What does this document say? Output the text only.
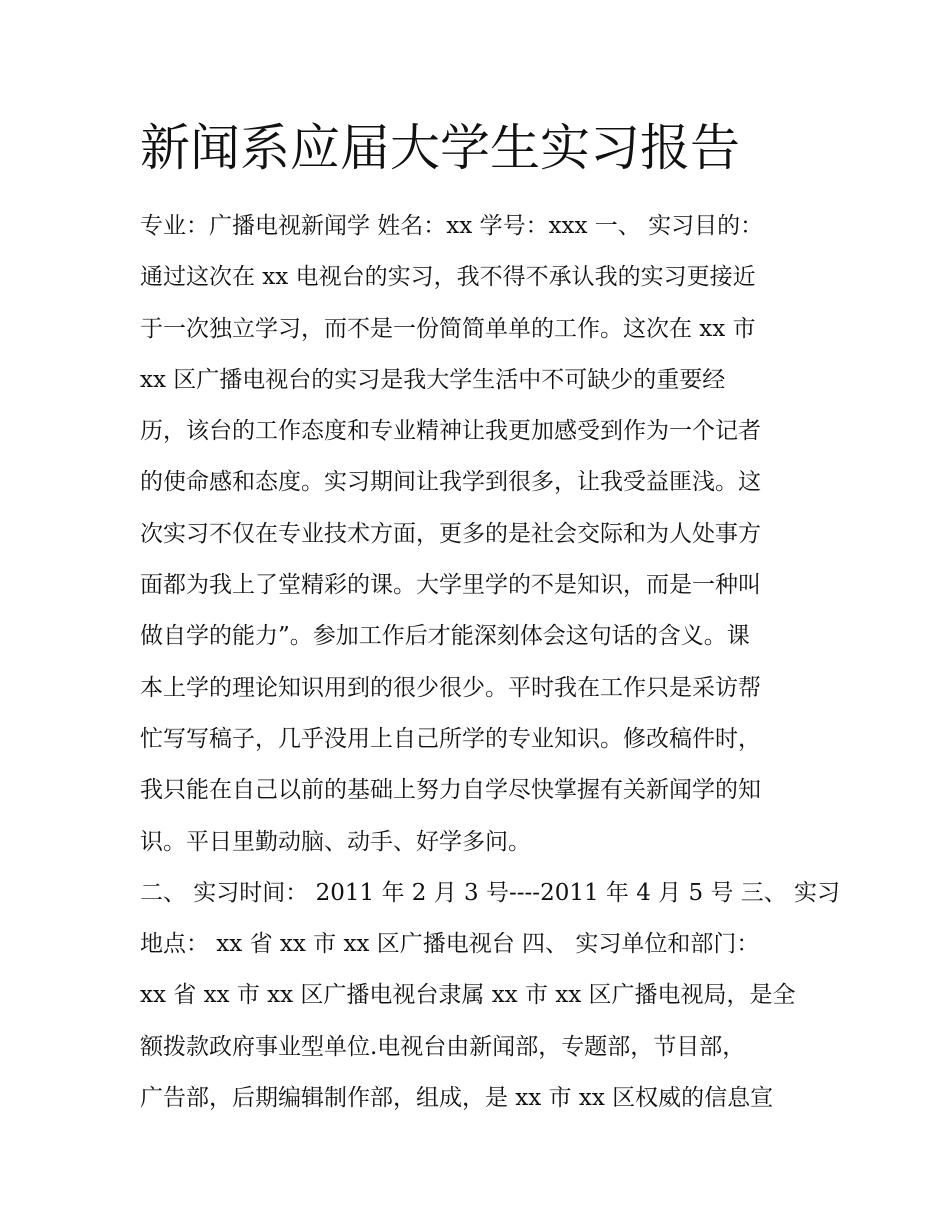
新闻系应届大学生实习报告
专业：广播电视新闻学 姓名：xx 学号：xxx 一、 实习目的：
通过这次在 xx 电视台的实习，我不得不承认我的实习更接近
于一次独立学习，而不是一份简简单单的工作。这次在 xx 市
xx 区广播电视台的实习是我大学生活中不可缺少的重要经
历，该台的工作态度和专业精神让我更加感受到作为一个记者
的使命感和态度。实习期间让我学到很多，让我受益匪浅。这
次实习不仅在专业技术方面，更多的是社会交际和为人处事方
面都为我上了堂精彩的课。大学里学的不是知识，而是一种叫
做自学的能力”。参加工作后才能深刻体会这句话的含义。课
本上学的理论知识用到的很少很少。平时我在工作只是采访帮
忙写写稿子，几乎没用上自己所学的专业知识。修改稿件时，
我只能在自己以前的基础上努力自学尽快掌握有关新闻学的知
识。平日里勤动脑、动手、好学多问。
二、 实习时间： 2011 年 2 月 3 号----2011 年 4 月 5 号 三、 实习
地点： xx 省 xx 市 xx 区广播电视台 四、 实习单位和部门：
xx 省 xx 市 xx 区广播电视台隶属 xx 市 xx 区广播电视局，是全
额拨款政府事业型单位.电视台由新闻部，专题部，节目部，
广告部，后期编辑制作部，组成，是 xx 市 xx 区权威的信息宣
